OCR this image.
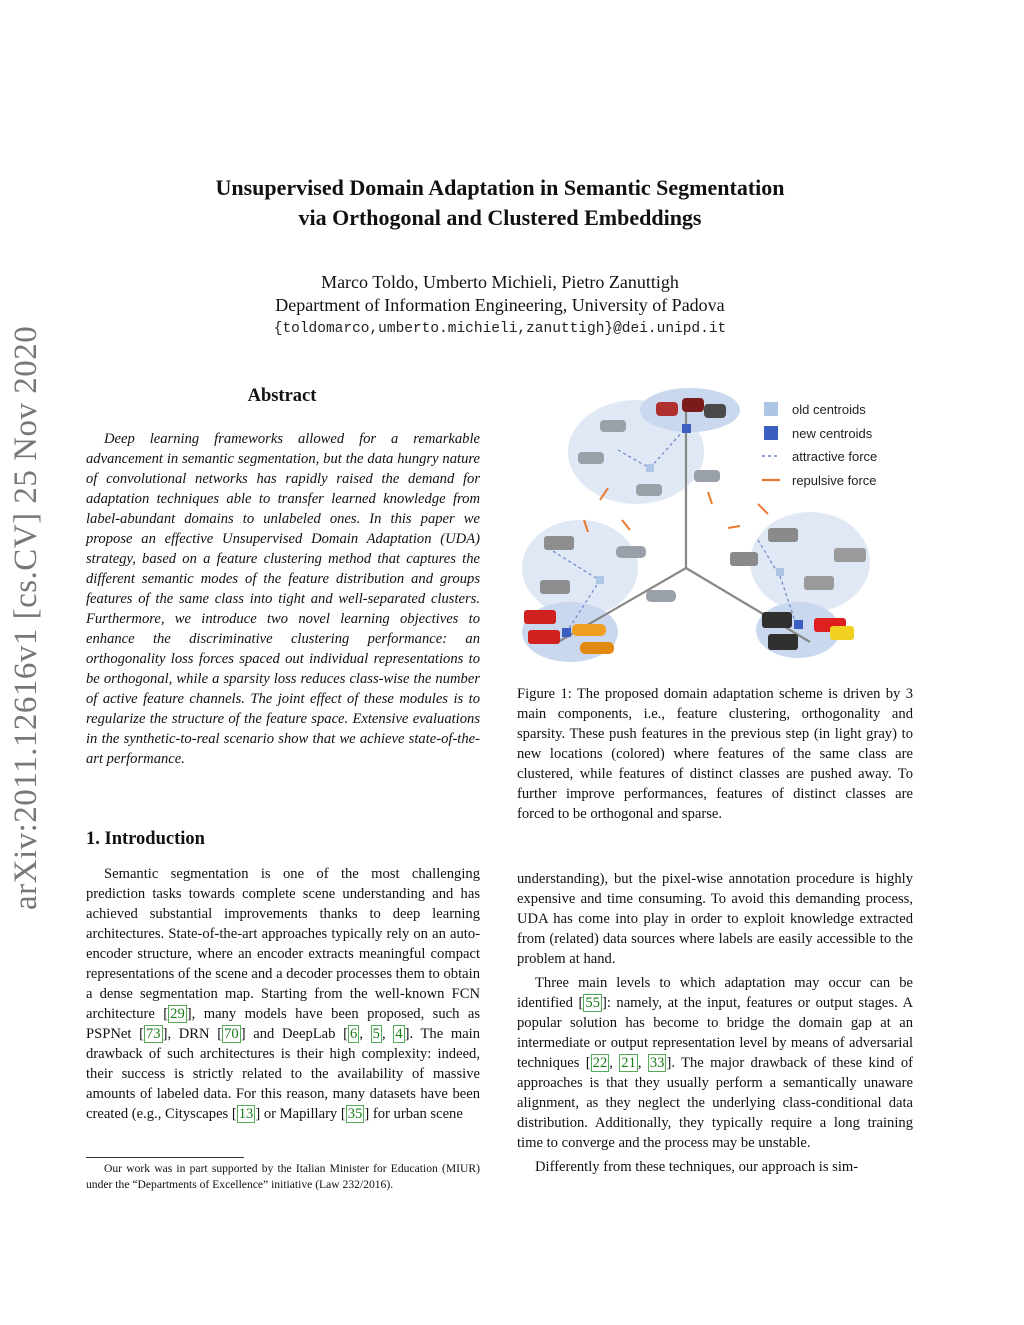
arXiv:2011.12616v1 [cs.CV] 25 Nov 2020
Unsupervised Domain Adaptation in Semantic Segmentation
via Orthogonal and Clustered Embeddings
Marco Toldo, Umberto Michieli, Pietro Zanuttigh
Department of Information Engineering, University of Padova
{toldomarco,umberto.michieli,zanuttigh}@dei.unipd.it
Abstract

Deep learning frameworks allowed for a remarkable advancement in semantic segmentation, but the data hungry nature of convolutional networks has rapidly raised the demand for adaptation techniques able to transfer learned knowledge from label-abundant domains to unlabeled ones. In this paper we propose an effective Unsupervised Domain Adaptation (UDA) strategy, based on a feature clustering method that captures the different semantic modes of the feature distribution and groups features of the same class into tight and well-separated clusters. Furthermore, we introduce two novel learning objectives to enhance the discriminative clustering performance: an orthogonality loss forces spaced out individual representations to be orthogonal, while a sparsity loss reduces class-wise the number of active feature channels. The joint effect of these modules is to regularize the structure of the feature space. Extensive evaluations in the synthetic-to-real scenario show that we achieve state-of-the-art performance.

old centroids
new centroids
attractive force
repulsive force
Figure 1: The proposed domain adaptation scheme is driven by 3 main components, i.e., feature clustering, orthogonality and sparsity. These push features in the previous step (in light gray) to new locations (colored) where features of the same class are clustered, while features of distinct classes are pushed away. To further improve performances, features of distinct classes are forced to be orthogonal and sparse.
1. Introduction

Semantic segmentation is one of the most challenging prediction tasks towards complete scene understanding and has achieved substantial improvements thanks to deep learning architectures. State-of-the-art approaches typically rely on an auto-encoder structure, where an encoder extracts meaningful compact representations of the scene and a decoder processes them to obtain a dense segmentation map. Starting from the well-known FCN architecture [ 29 ], many models have been proposed, such as PSPNet [ 73 ], DRN [ 70 ] and DeepLab [ 6 , 5 , 4 ]. The main drawback of such architectures is their high complexity: indeed, their success is strictly related to the availability of massive amounts of labeled data. For this reason, many datasets have been created (e.g., Cityscapes [ 13 ] or Mapillary [ 35 ] for urban scene

understanding), but the pixel-wise annotation procedure is highly expensive and time consuming. To avoid this demanding process, UDA has come into play in order to exploit knowledge extracted from (related) data sources where labels are easily accessible to the problem at hand.

Three main levels to which adaptation may occur can be identified [ 55 ]: namely, at the input, features or output stages. A popular solution has become to bridge the domain gap at an intermediate or output representation level by means of adversarial techniques [ 22 , 21 , 33 ]. The major drawback of these kind of approaches is that they usually perform a semantically unaware alignment, as they neglect the underlying class-conditional data distribution. Additionally, they typically require a long training time to converge and the process may be unstable.

Differently from these techniques, our approach is sim-

Our work was in part supported by the Italian Minister for Education (MIUR) under the “Departments of Excellence” initiative (Law 232/2016).
